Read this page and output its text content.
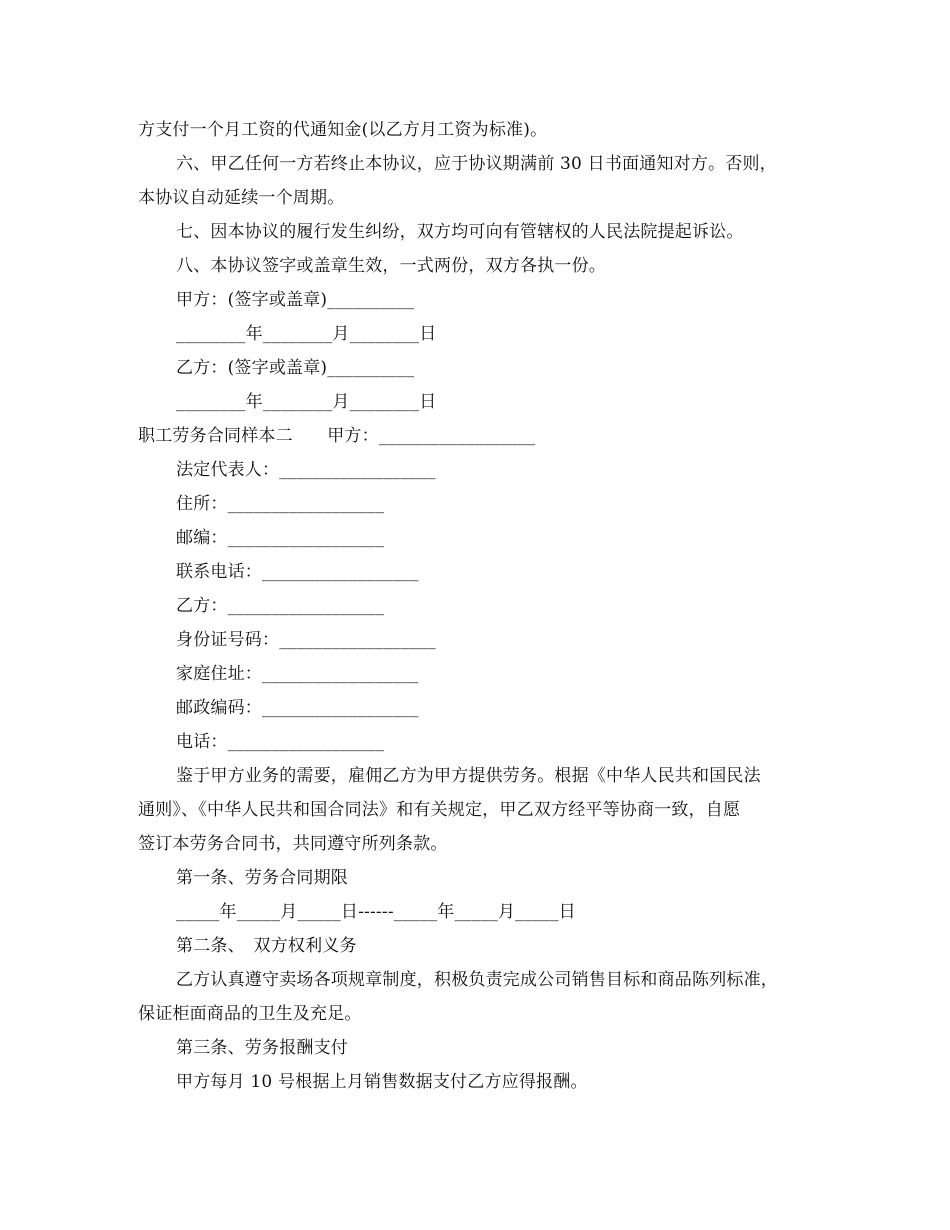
方支付一个月工资的代通知金(以乙方月工资为标准)。
六、甲乙任何一方若终止本协议，应于协议期满前 30 日书面通知对方。否则，
本协议自动延续一个周期。
七、因本协议的履行发生纠纷，双方均可向有管辖权的人民法院提起诉讼。
八、本协议签字或盖章生效，一式两份，双方各执一份。
甲方：(签字或盖章)__________
________年________月________日
乙方：(签字或盖章)__________
________年________月________日
职工劳务合同样本二　　甲方：__________________
法定代表人：__________________
住所：__________________
邮编：__________________
联系电话：__________________
乙方：__________________
身份证号码：__________________
家庭住址：__________________
邮政编码：__________________
电话：__________________
鉴于甲方业务的需要，雇佣乙方为甲方提供劳务。根据《中华人民共和国民法
通则》、《中华人民共和国合同法》和有关规定，甲乙双方经平等协商一致，自愿
签订本劳务合同书，共同遵守所列条款。
第一条、劳务合同期限
_____年_____月_____日------_____年_____月_____日
第二条、　双方权利义务
乙方认真遵守卖场各项规章制度，积极负责完成公司销售目标和商品陈列标准，
保证柜面商品的卫生及充足。
第三条、劳务报酬支付
甲方每月 10 号根据上月销售数据支付乙方应得报酬。
